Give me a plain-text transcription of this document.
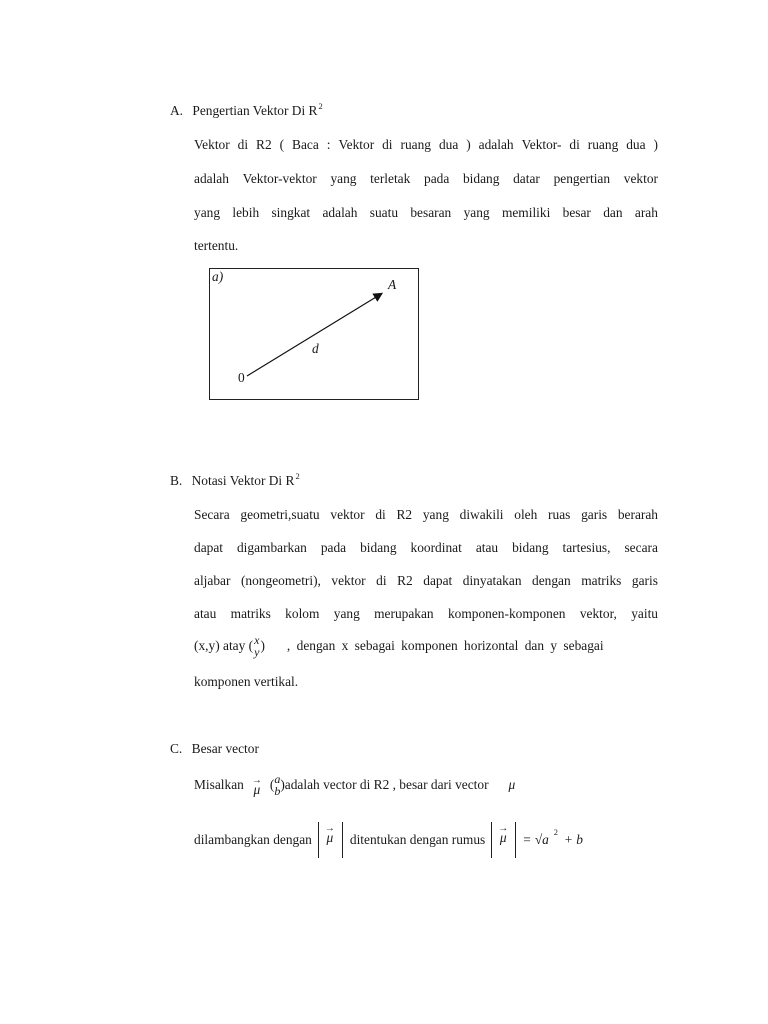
A. Pengertian Vektor Di $R^2$
Vektor di R2 ( Baca : Vektor di ruang dua ) adalah Vektor- di ruang dua )
adalah Vektor-vektor yang terletak pada bidang datar pengertian vektor
yang lebih singkat adalah suatu besaran yang memiliki besar dan arah
tertentu.
a)
A
d
0
B. Notasi Vektor Di $R^2$
Secara geometri,suatu vektor di R2 yang diwakili oleh ruas garis berarah
dapat digambarkan pada bidang koordinat atau bidang tartesius, secara
aljabar (nongeometri), vektor di R2 dapat dinyatakan dengan matriks garis
atau matriks kolom yang merupakan komponen-komponen vektor, yaitu
(x,y) atay ( x
y ) , dengan x sebagai komponen horizontal dan y sebagai
komponen vertikal.
C. Besar vector
Misalkan →
μ ( a
b ) adalah vector di R2 , besar dari vector μ
dilambangkan dengan
→
μ ditentukan dengan rumus
→
μ = √ a 2 + b
